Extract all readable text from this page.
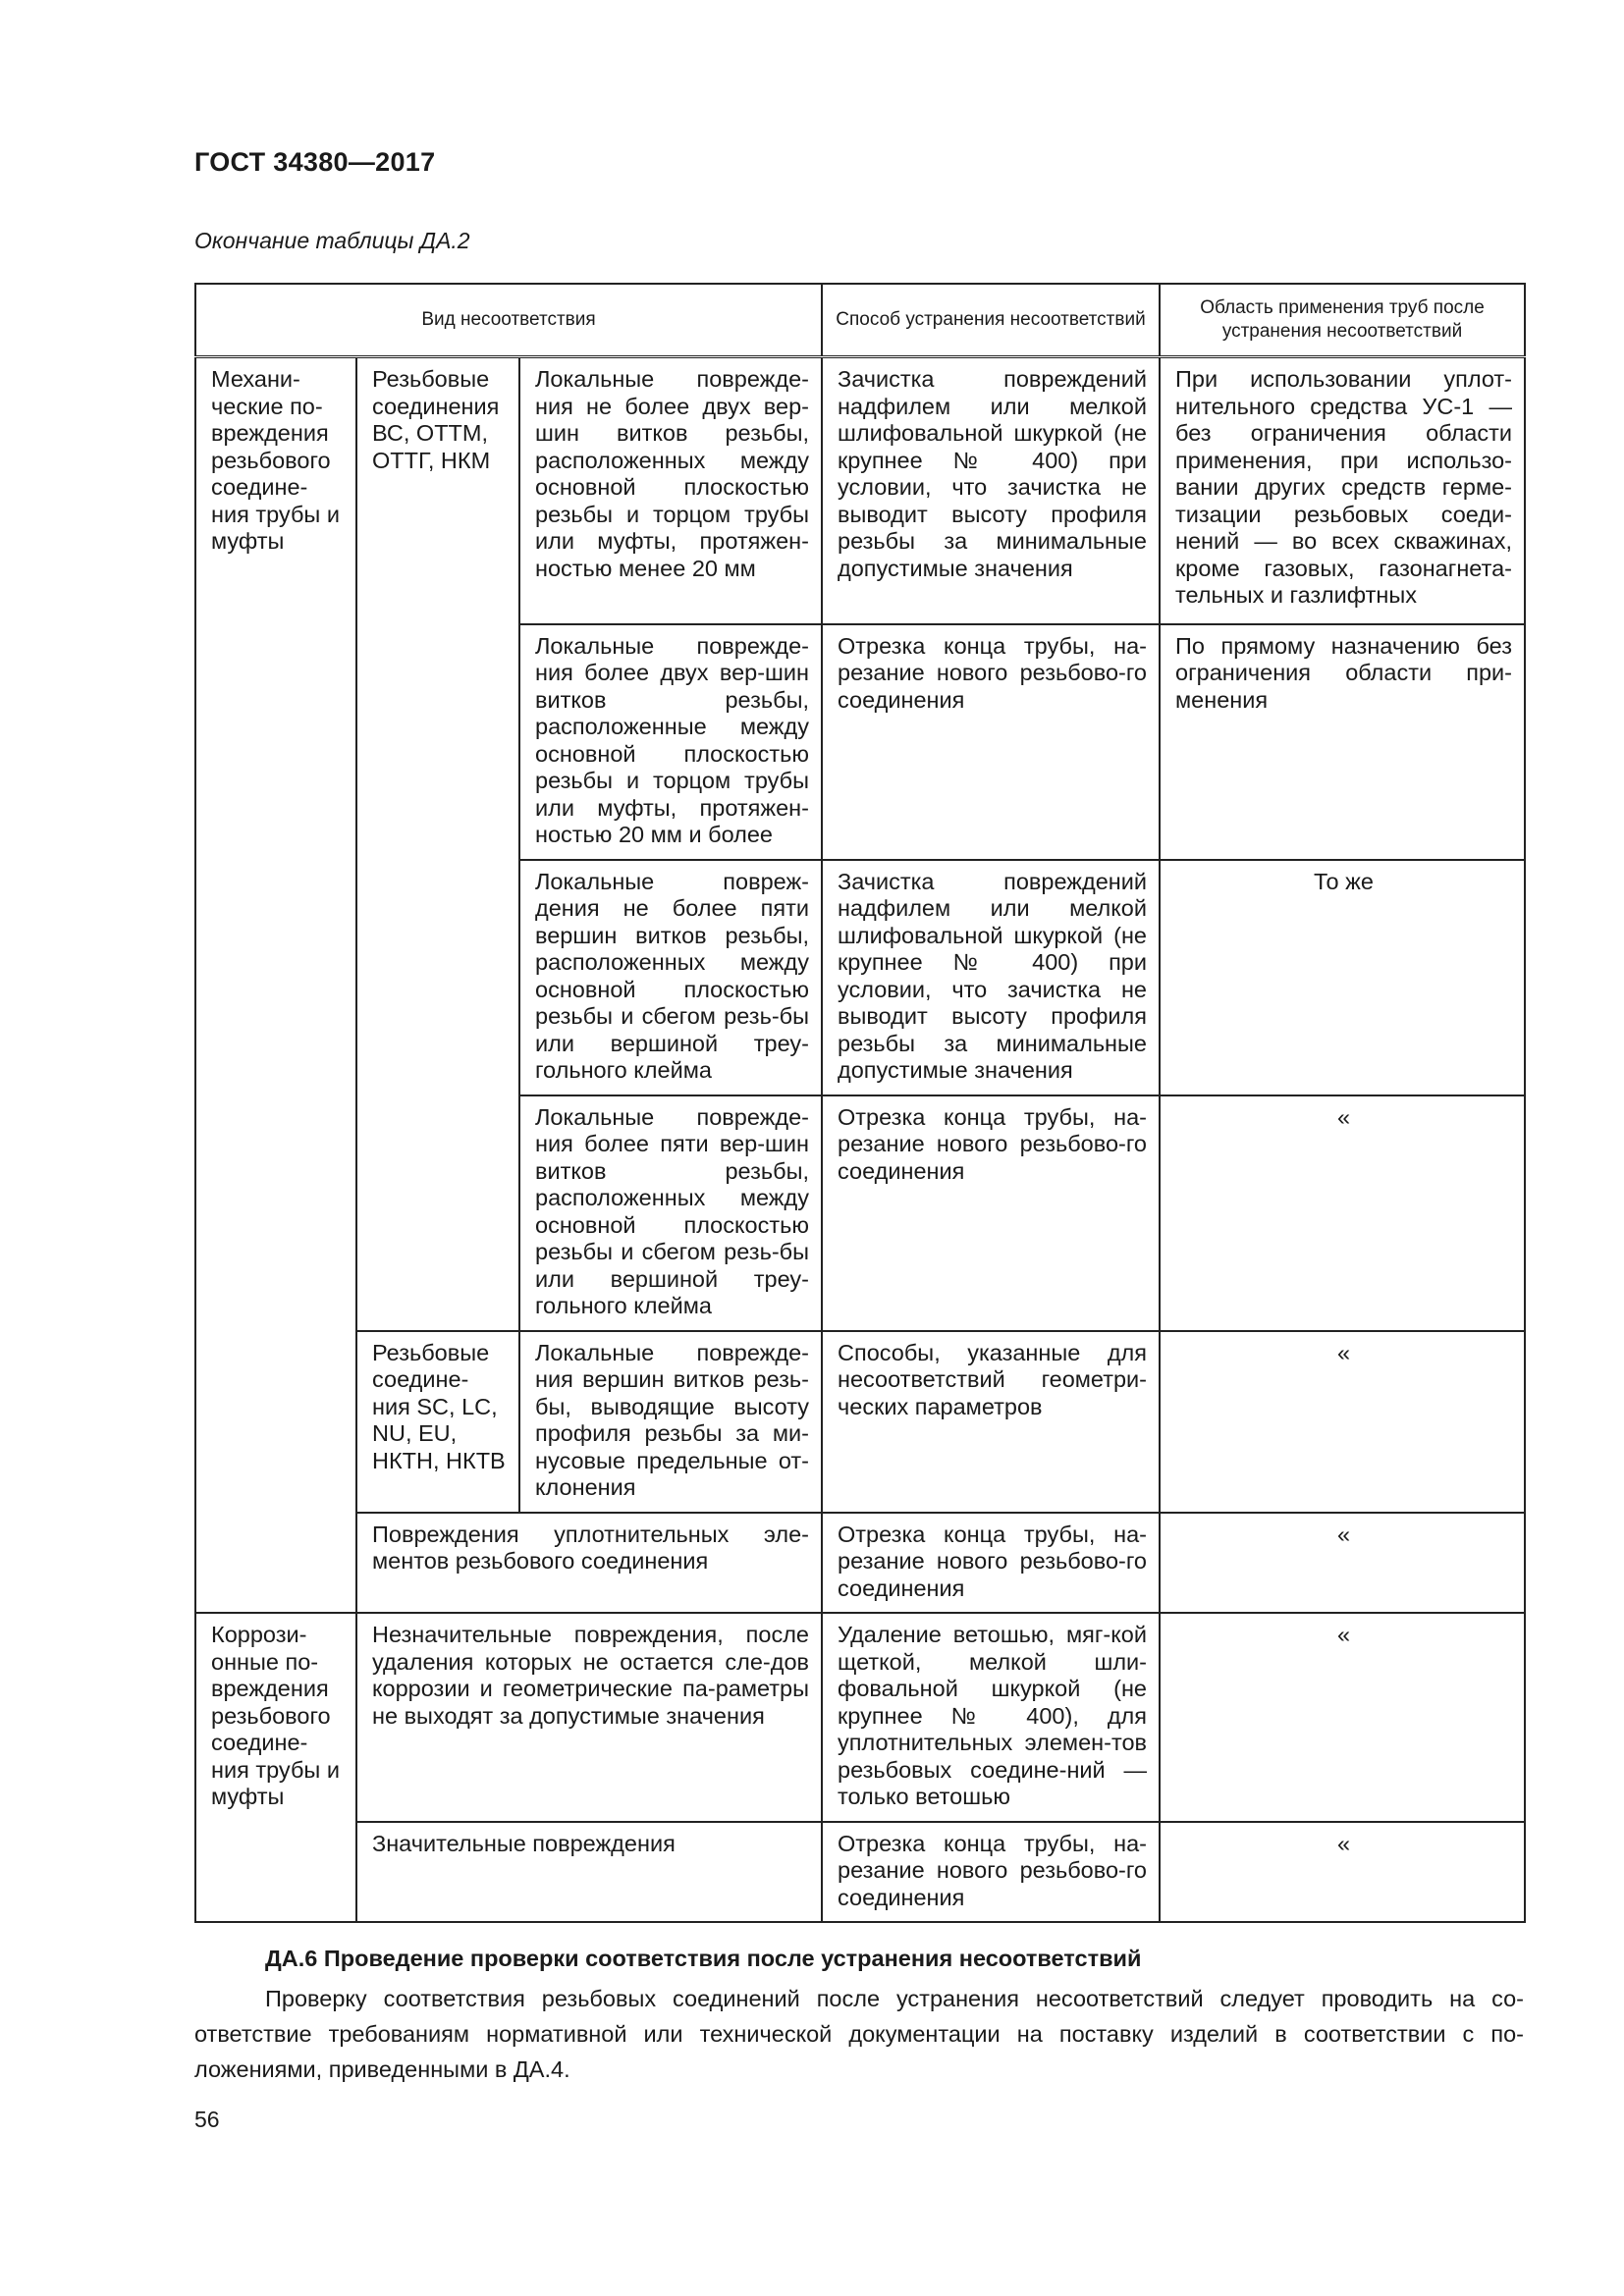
ГОСТ 34380—2017
Окончание таблицы ДА.2
Вид несоответствия			Способ устранения несоответствий	Область применения труб после устранения несоответствий
Механи-ческие по-вреждения резьбового соедине-ния трубы и муфты	Резьбовые соединения ВС, ОТТМ, ОТТГ, НКМ	Локальные поврежде-ния не более двух вер-шин витков резьбы, расположенных между основной плоскостью резьбы и торцом трубы или муфты, протяжен-ностью менее 20 мм	Зачистка повреждений надфилем или мелкой шлифовальной шкуркой (не крупнее № 400) при условии, что зачистка не выводит высоту профиля резьбы за минимальные допустимые значения	При использовании уплот-нительного средства УС-1 — без ограничения области применения, при использо-вании других средств герме-тизации резьбовых соеди-нений — во всех скважинах, кроме газовых, газонагнета-тельных и газлифтных
		Локальные поврежде-ния более двух вер-шин витков резьбы, расположенные между основной плоскостью резьбы и торцом трубы или муфты, протяжен-ностью 20 мм и более	Отрезка конца трубы, на-резание нового резьбово-го соединения	По прямому назначению без ограничения области при-менения
		Локальные повреж-дения не более пяти вершин витков резьбы, расположенных между основной плоскостью резьбы и сбегом резь-бы или вершиной треу-гольного клейма	Зачистка повреждений надфилем или мелкой шлифовальной шкуркой (не крупнее № 400) при условии, что зачистка не выводит высоту профиля резьбы за минимальные допустимые значения	То же
		Локальные поврежде-ния более пяти вер-шин витков резьбы, расположенных между основной плоскостью резьбы и сбегом резь-бы или вершиной треу-гольного клейма	Отрезка конца трубы, на-резание нового резьбово-го соединения	«
	Резьбовые соедине-ния SC, LC, NU, EU, НКТН, НКТВ	Локальные поврежде-ния вершин витков резь-бы, выводящие высоту профиля резьбы за ми-нусовые предельные от-клонения	Способы, указанные для несоответствий геометри-ческих параметров	«
	Повреждения уплотнительных эле-ментов резьбового соединения		Отрезка конца трубы, на-резание нового резьбово-го соединения	«
Коррози-онные по-вреждения резьбового соедине-ния трубы и муфты	Незначительные повреждения, после удаления которых не остается сле-дов коррозии и геометрические па-раметры не выходят за допустимые значения		Удаление ветошью, мяг-кой щеткой, мелкой шли-фовальной шкуркой (не крупнее № 400), для уплотнительных элемен-тов резьбовых соедине-ний — только ветошью	«
	Значительные повреждения		Отрезка конца трубы, на-резание нового резьбово-го соединения	«
ДА.6 Проведение проверки соответствия после устранения несоответствий
Проверку соответствия резьбовых соединений после устранения несоответствий следует проводить на со-ответствие требованиям нормативной или технической документации на поставку изделий в соответствии с по-ложениями, приведенными в ДА.4.
56
